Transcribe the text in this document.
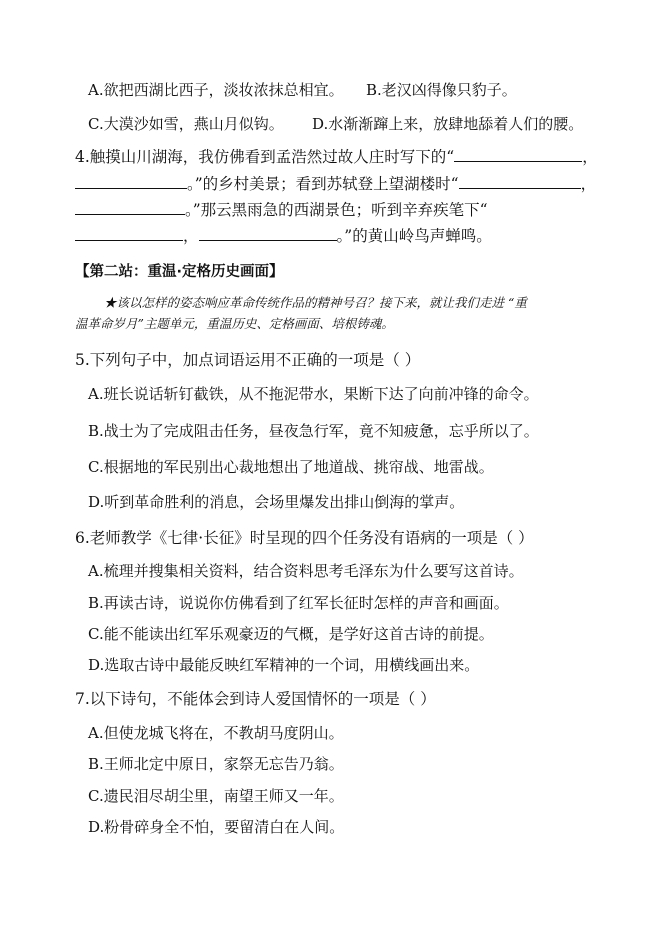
A.欲把西湖比西子，淡妆浓抹总相宜。 B.老汉凶得像只豹子。
C.大漠沙如雪，燕山月似钩。 D.水渐渐蹿上来，放肆地舔着人们的腰。
4.触摸山川湖海，我仿佛看到孟浩然过故人庄时写下的“	，
。”的乡村美景；看到苏轼登上望湖楼时“	，
。”那云黑雨急的西湖景色；听到辛弃疾笔下“
，	。”的黄山岭鸟声蝉鸣。
【第二站：重温·定格历史画面】
★该以怎样的姿态响应革命传统作品的精神号召？接下来，就让我们走进 “重
温革命岁月”主题单元，重温历史、定格画面、培根铸魂。
5.下列句子中，加点词语运用不正确的一项是（ ）
A.班长说话斩钉截铁，从不拖泥带水，果断下达了向前冲锋的命令。
B.战士为了完成阻击任务，昼夜急行军，竟不知疲惫，忘乎所以了。
C.根据地的军民别出心裁地想出了地道战、挑帘战、地雷战。
D.听到革命胜利的消息，会场里爆发出排山倒海的掌声。
6.老师教学《七律·长征》时呈现的四个任务没有语病的一项是（ ）
A.梳理并搜集相关资料，结合资料思考毛泽东为什么要写这首诗。
B.再读古诗，说说你仿佛看到了红军长征时怎样的声音和画面。
C.能不能读出红军乐观豪迈的气概，是学好这首古诗的前提。
D.选取古诗中最能反映红军精神的一个词，用横线画出来。
7.以下诗句，不能体会到诗人爱国情怀的一项是（ ）
A.但使龙城飞将在，不教胡马度阴山。
B.王师北定中原日，家祭无忘告乃翁。
C.遗民泪尽胡尘里，南望王师又一年。
D.粉骨碎身全不怕，要留清白在人间。
